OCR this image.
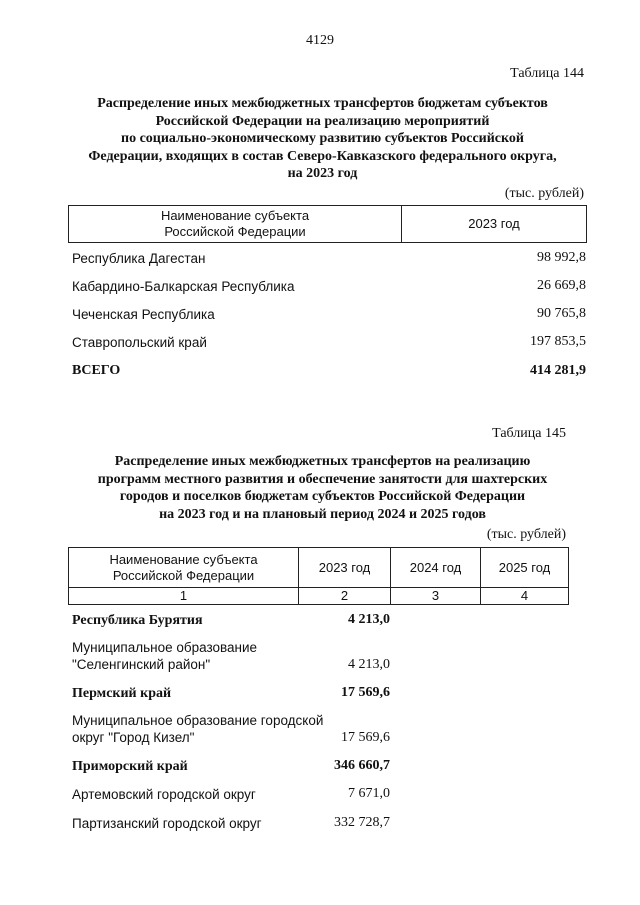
4129
Таблица 144
Распределение иных межбюджетных трансфертов бюджетам субъектов
Российской Федерации на реализацию мероприятий
по социально-экономическому развитию субъектов Российской
Федерации, входящих в состав Северо-Кавказского федерального округа,
на 2023 год
(тыс. рублей)
Наименование субъекта
Российской Федерации
2023 год
Республика Дагестан	98 992,8
Кабардино-Балкарская Республика	26 669,8
Чеченская Республика	90 765,8
Ставропольский край	197 853,5
ВСЕГО	414 281,9
Таблица 145
Распределение иных межбюджетных трансфертов на реализацию
программ местного развития и обеспечение занятости для шахтерских
городов и поселков бюджетам субъектов Российской Федерации
на 2023 год и на плановый период 2024 и 2025 годов
(тыс. рублей)
Наименование субъекта
Российской Федерации
2023 год	2024 год	2025 год
1	2	3	4
Республика Бурятия	4 213,0
Муниципальное образование "Селенгинский район"	4 213,0
Пермский край	17 569,6
Муниципальное образование городской округ "Город Кизел"	17 569,6
Приморский край	346 660,7
Артемовский городской округ	7 671,0
Партизанский городской округ	332 728,7
